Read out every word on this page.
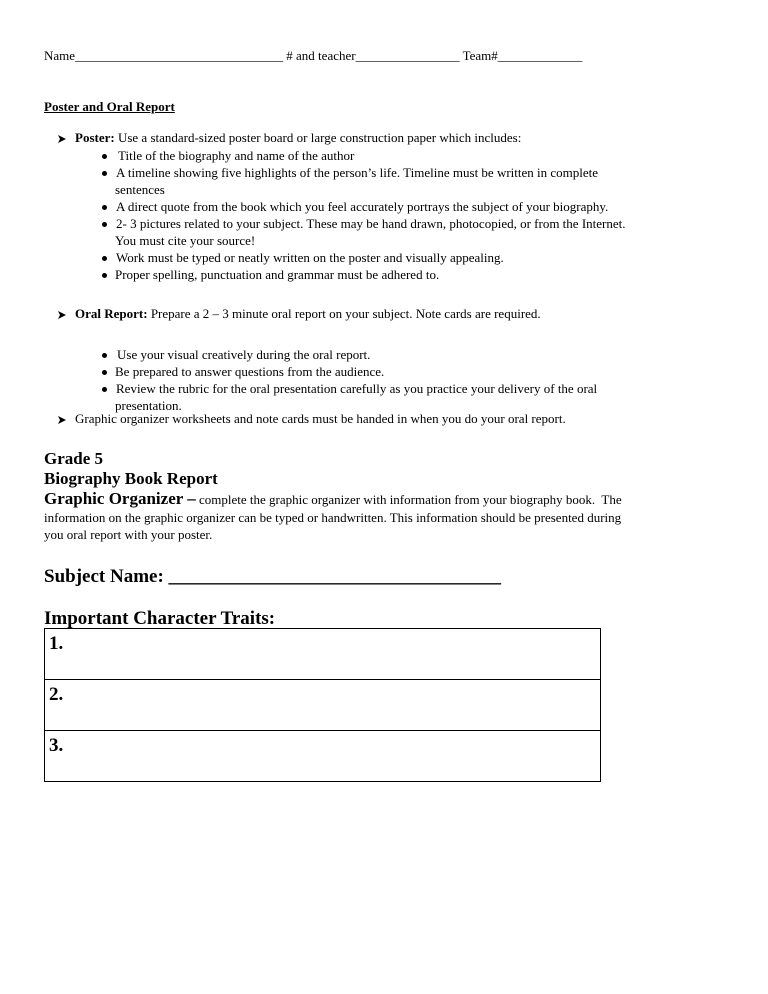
Name________________________________ # and teacher________________ Team#_____________
Poster and Oral Report
Poster: Use a standard-sized poster board or large construction paper which includes:
Title of the biography and name of the author
A timeline showing five highlights of the person’s life. Timeline must be written in complete
sentences
A direct quote from the book which you feel accurately portrays the subject of your biography.
2- 3 pictures related to your subject. These may be hand drawn, photocopied, or from the Internet.
You must cite your source!
Work must be typed or neatly written on the poster and visually appealing.
Proper spelling, punctuation and grammar must be adhered to.
Oral Report: Prepare a 2 – 3 minute oral report on your subject. Note cards are required.
Use your visual creatively during the oral report.
Be prepared to answer questions from the audience.
Review the rubric for the oral presentation carefully as you practice your delivery of the oral
presentation.
Graphic organizer worksheets and note cards must be handed in when you do your oral report.
Grade 5
Biography Book Report
Graphic Organizer – complete the graphic organizer with information from your biography book.  The
information on the graphic organizer can be typed or handwritten. This information should be presented during
you oral report with your poster.
Subject Name: ___________________________________
Important Character Traits:
1.
2.
3.
